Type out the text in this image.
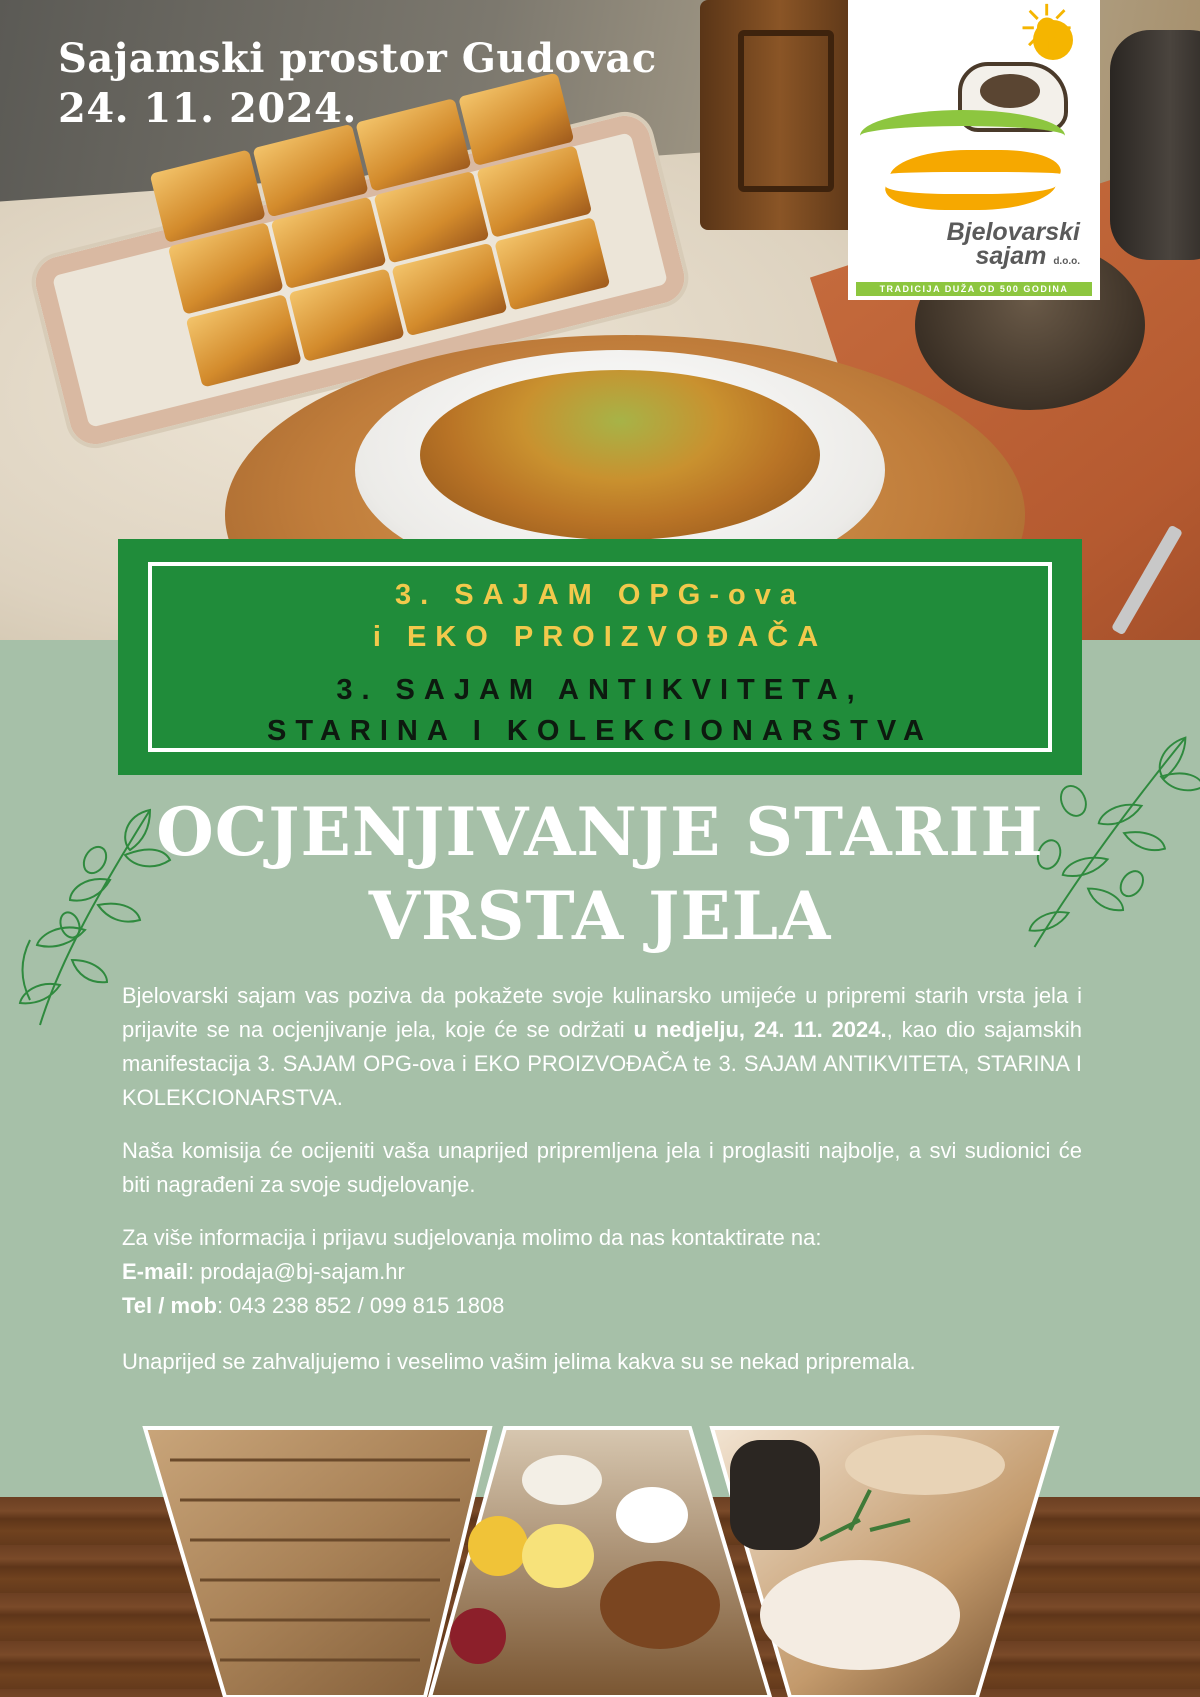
Sajamski prostor Gudovac
24. 11. 2024.
☀
Bjelovarski
sajam d.o.o.
TRADICIJA DUŽA OD 500 GODINA
3. SAJAM OPG-ova
i EKO PROIZVOĐAČA
3. SAJAM ANTIKVITETA,
STARINA I KOLEKCIONARSTVA
OCJENJIVANJE STARIH
VRSTA JELA
Bjelovarski sajam vas poziva da pokažete svoje kulinarsko umijeće u pripremi starih vrsta jela i prijavite se na ocjenjivanje jela, koje će se održati u nedjelju, 24. 11. 2024., kao dio sajamskih manifestacija 3. SAJAM OPG-ova i EKO PROIZVOĐAČA te 3. SAJAM ANTIKVITETA, STARINA I KOLEKCIONARSTVA.
Naša komisija će ocijeniti vaša unaprijed pripremljena jela i proglasiti najbolje, a svi sudionici će biti nagrađeni za svoje sudjelovanje.
Za više informacija i prijavu sudjelovanja molimo da nas kontaktirate na:
E-mail: prodaja@bj-sajam.hr
Tel / mob: 043 238 852 / 099 815 1808
Unaprijed se zahvaljujemo i veselimo vašim jelima kakva su se nekad pripremala.
